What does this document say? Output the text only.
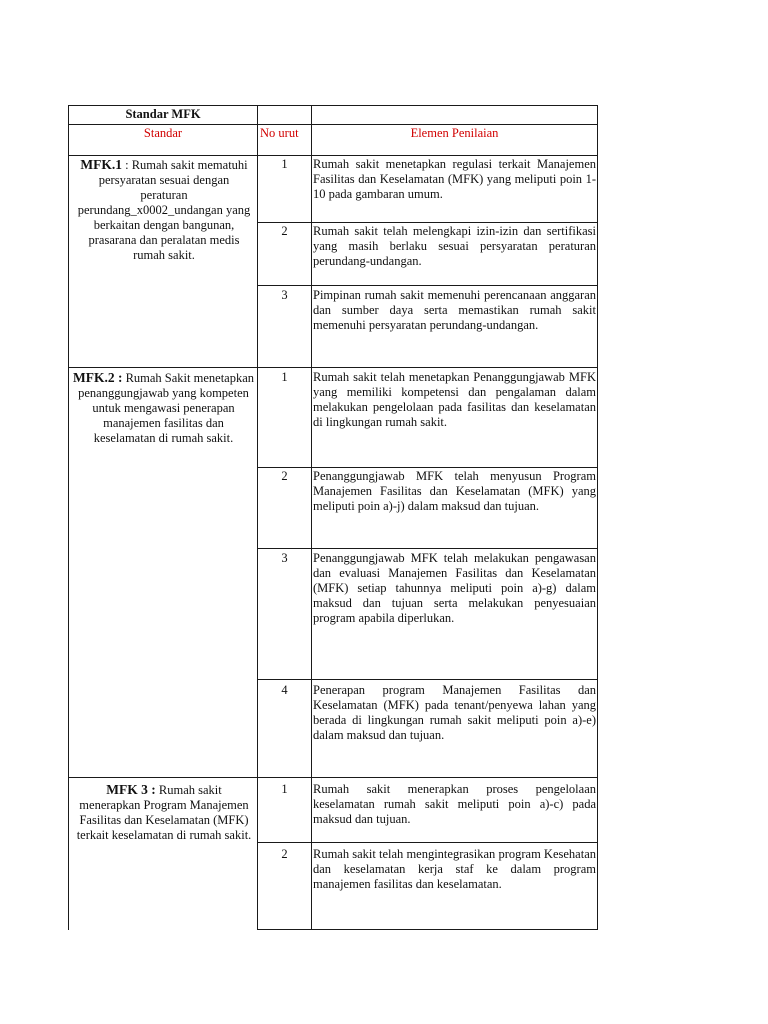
Standar MFK
Standar	No urut	Elemen Penilaian
MFK.1 : Rumah sakit mematuhi persyaratan sesuai dengan peraturan perundang_x0002_undangan yang berkaitan dengan bangunan, prasarana dan peralatan medis rumah sakit.
1	Rumah sakit menetapkan regulasi terkait Manajemen Fasilitas dan Keselamatan (MFK) yang meliputi poin 1-10 pada gambaran umum.
2	Rumah sakit telah melengkapi izin-izin dan sertifikasi yang masih berlaku sesuai persyaratan peraturan perundang-undangan.
3	Pimpinan rumah sakit memenuhi perencanaan anggaran dan sumber daya serta memastikan rumah sakit memenuhi persyaratan perundang-undangan.
MFK.2 : Rumah Sakit menetapkan penanggungjawab yang kompeten untuk mengawasi penerapan manajemen fasilitas dan keselamatan di rumah sakit.
1	Rumah sakit telah menetapkan Penanggungjawab MFK yang memiliki kompetensi dan pengalaman dalam melakukan pengelolaan pada fasilitas dan keselamatan di lingkungan rumah sakit.
2	Penanggungjawab MFK telah menyusun Program Manajemen Fasilitas dan Keselamatan (MFK) yang meliputi poin a)-j) dalam maksud dan tujuan.
3	Penanggungjawab MFK telah melakukan pengawasan dan evaluasi Manajemen Fasilitas dan Keselamatan (MFK) setiap tahunnya meliputi poin a)-g) dalam maksud dan tujuan serta melakukan penyesuaian program apabila diperlukan.
4	Penerapan program Manajemen Fasilitas dan Keselamatan (MFK) pada tenant/penyewa lahan yang berada di lingkungan rumah sakit meliputi poin a)-e) dalam maksud dan tujuan.
MFK 3 : Rumah sakit menerapkan Program Manajemen Fasilitas dan Keselamatan (MFK) terkait keselamatan di rumah sakit.
1	Rumah sakit menerapkan proses pengelolaan keselamatan rumah sakit meliputi poin a)-c) pada maksud dan tujuan.
2	Rumah sakit telah mengintegrasikan program Kesehatan dan keselamatan kerja staf ke dalam program manajemen fasilitas dan keselamatan.
